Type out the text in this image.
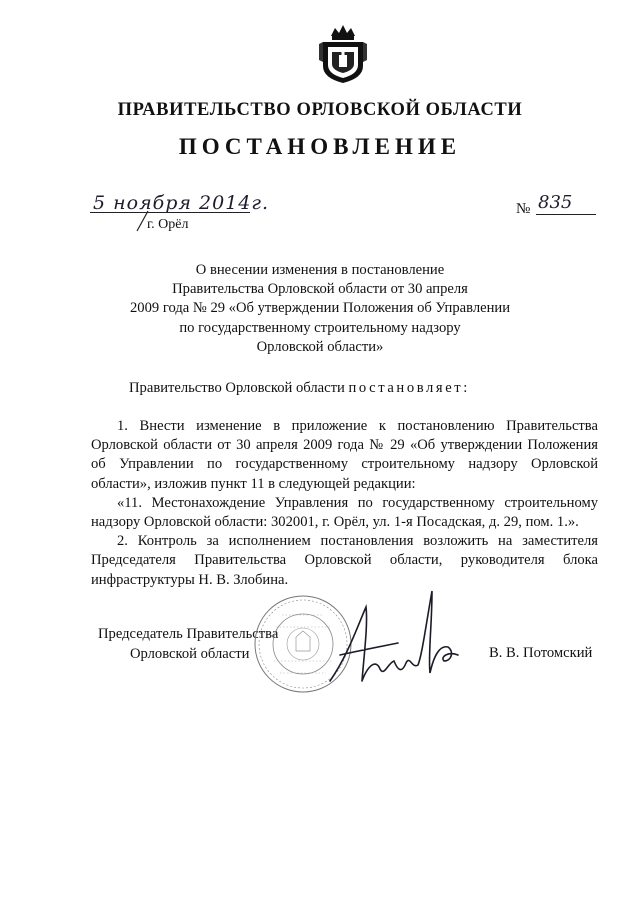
ПРАВИТЕЛЬСТВО ОРЛОВСКОЙ ОБЛАСТИ
ПОСТАНОВЛЕНИЕ
5 ноября 2014г.
г. Орёл
№ 835
О внесении изменения в постановление
Правительства Орловской области от 30 апреля
2009 года № 29 «Об утверждении Положения об Управлении
по государственному строительному надзору
Орловской области»
Правительство Орловской области постановляет:

1. Внести изменение в приложение к постановлению Правительства

Орловской области от 30 апреля 2009 года № 29 «Об утверждении Положения

об Управлении по государственному строительному надзору Орловской

области», изложив пункт 11 в следующей редакции:

«11. Местонахождение Управления по государственному строительному

надзору Орловской области: 302001, г. Орёл, ул. 1-я Посадская, д. 29, пом. 1.».

2. Контроль за исполнением постановления возложить на заместителя

Председателя Правительства Орловской области, руководителя блока

инфраструктуры Н. В. Злобина.

Председатель Правительства
Орловской области	В. В. Потомский
